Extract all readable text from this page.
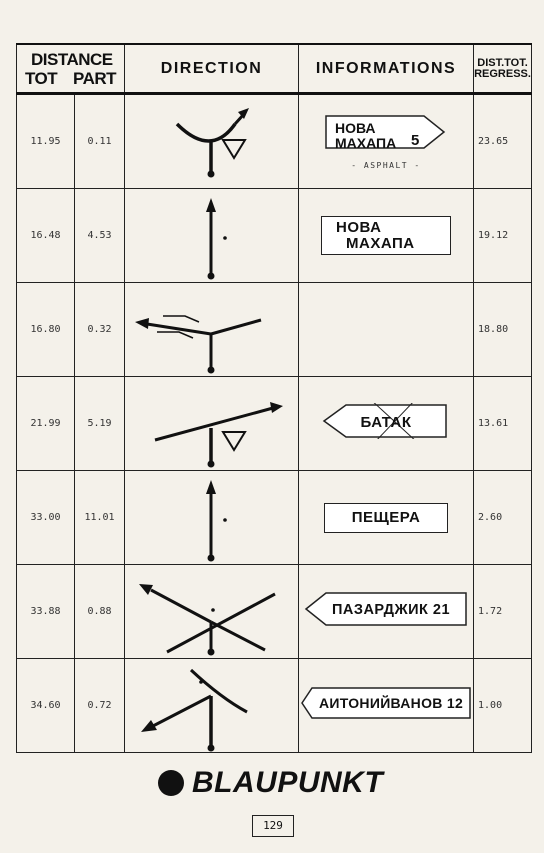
DISTANCE
TOT PART		DIRECTION	INFORMATIONS	DIST.TOT.
REGRESS.
11.95	0.11		НОВА
МАХАПА 5
- ASPHALT -	23.65
16.48	4.53		НОВА
МАХАПА	19.12
16.80	0.32			18.80
21.99	5.19		БАТАК	13.61
33.00	11.01		ПЕЩЕРА	2.60
33.88	0.88		ПАЗАРДЖИК 21	1.72
34.60	0.72		АИТОНИЙВАНОВ 12	1.00
BLAUPUNKT
129
